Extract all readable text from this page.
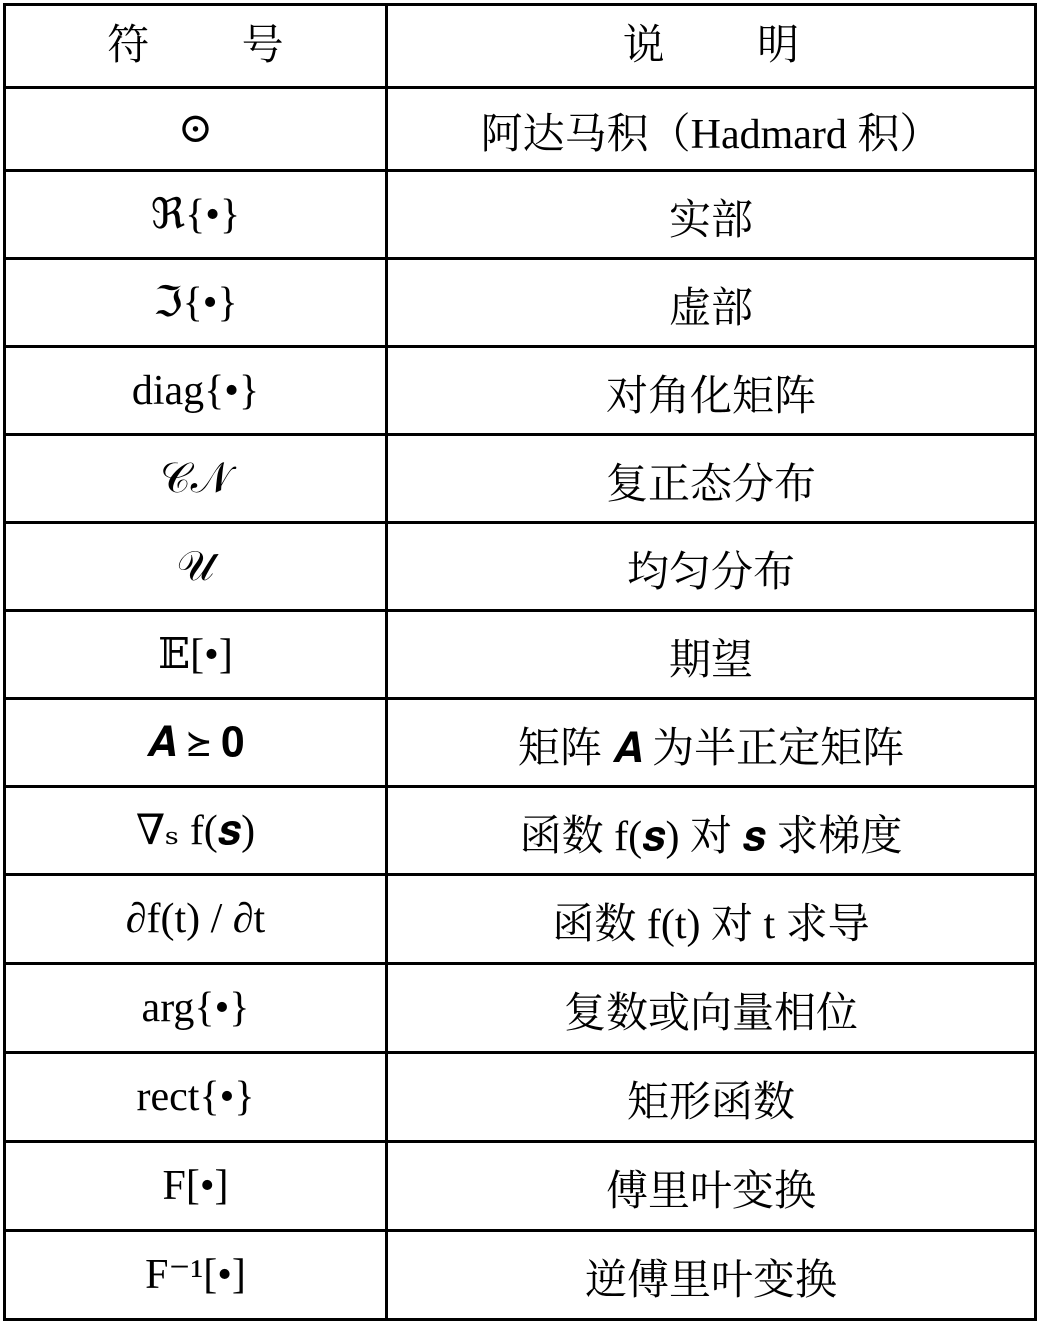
符号	说明
⊙	阿达马积（Hadmard 积）
ℜ{•}	实部
ℑ{•}	虚部
diag{•}	对角化矩阵
𝒞𝒩	复正态分布
𝒰	均匀分布
𝔼[•]	期望
𝑨 ⪰ 𝟎	矩阵 𝑨 为半正定矩阵
∇ₛ f(𝒔)	函数 f(𝒔) 对 𝒔 求梯度
∂f(t) / ∂t	函数 f(t) 对 t 求导
arg{•}	复数或向量相位
rect{•}	矩形函数
F[•]	傅里叶变换
F⁻¹[•]	逆傅里叶变换
